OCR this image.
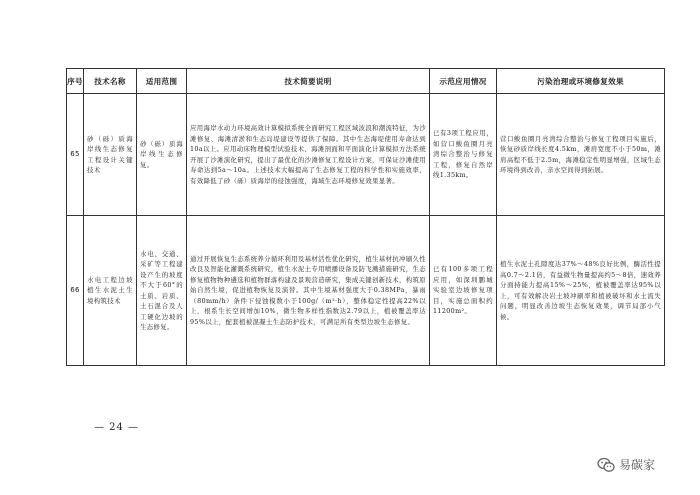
序号	技术名称	适用范围	技术简要说明	示范应用情况	污染治理或环境修复效果
65	砂（砾）质海岸线生态修复工程设计关键技术	砂（砾）质海岸线生态修复。	应用海岸水动力环境高效计算模拟系统全面研究工程区域波浪和潮流特征，为沙滩修复、海滩清淤和生态岛堤建设等提供了保障。其中生态海堤使用寿命达到10a以上。应用动床物理模型试验技术、海滩剖面和平面演化计算模拟方法系统开展了沙滩演化研究，提出了最优化的沙滩修复工程设计方案，可保证沙滩使用寿命达到5a～10a。上述技术大幅提高了生态修复工程的科学性和实施效率，有效降低了砂（砾）质海岸的侵蚀强度，海域生态环境修复效果显著。	已有3项工程应用，如营口鲅鱼圈月亮湾综合整治与修复工程，修复自然岸线1.35km。	营口鲅鱼圈月亮湾综合整治与修复工程项目实施后，恢复砂质岸线长度4.5km，滩肩宽度不小于50m，滩肩高程不低于2.5m，海滩稳定性明显增强，区域生态环境得到改善，亲水空间得到拓展。

66	水电工程边坡植生水泥土生境构筑技术	水电、交通、采矿等工程建设产生的坡度不大于60°的土质、岩质、土石混合及人工硬化边坡的生态修复。	通过开展恢复生态系统养分循环利用及基材活性优化研究，植生基材抗冲刷久性改良及智能化灌溉系统研究，植生水泥土专用喷播设备及防飞溅措施研究，生态修复植物物种遴选和植物群落构建及景观营造研究，集成关键创新技术，构筑原始自然生境，促进植物恢复及演替。其中生境基材强度大于0.38MPa，暴雨（80mm/h）条件下侵蚀模数小于100g/（m²·h），整体稳定性提高22%以上，根系生长空间增加10%，微生物多样性指数达2.79以上，植被覆盖率达95%以上，配套植被混凝土生态防护技术，可满足所有类型边坡生态修复。	已有100多项工程应用，如深圳鹏城实验室边坡修复项目，实施总面积约11200m²。	植生水泥土孔隙度达37%～48%良好比例，酶活性提高0.7～2.1倍，有益微生物量提高约5～8倍，速效养分面持能力提高15%～25%，植被覆盖率达95%以上，可有效解决岩土坡冲刷率和植被破坏和水土流失问题，明显改善边坡生态恢复效果，调节局部小气候。
— 24 —
易碳家
